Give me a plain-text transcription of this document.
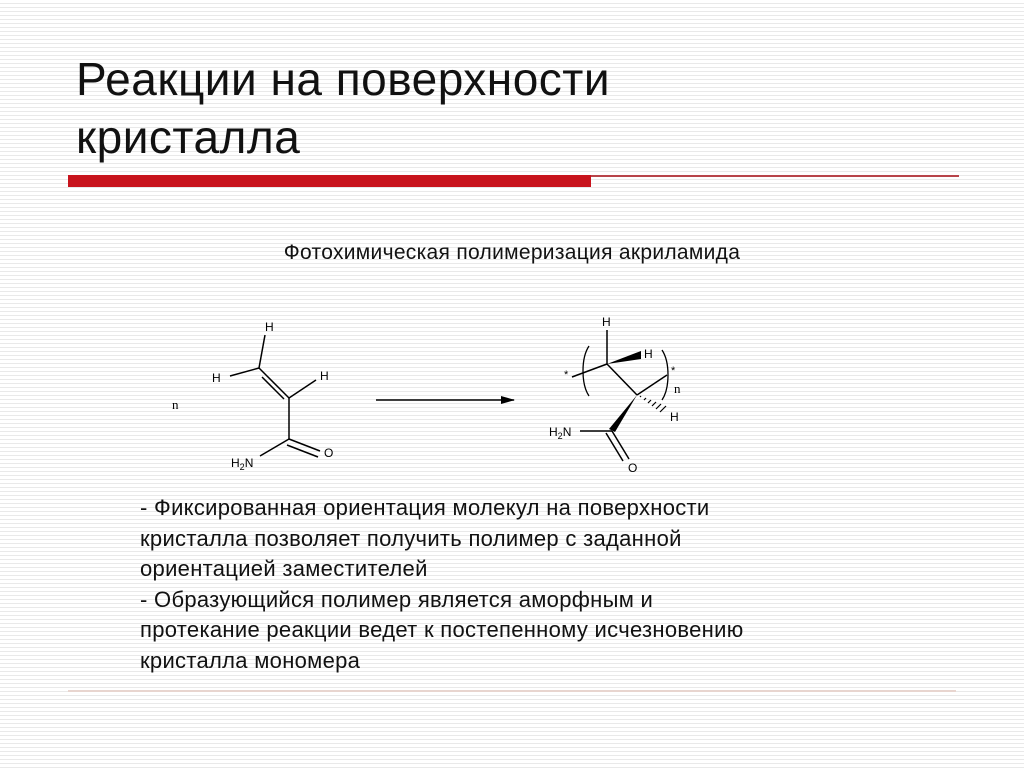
Реакции на поверхности
кристалла
Фотохимическая полимеризация акриламида
n
H
H	H
$H_2N$
O
*	*
n
H
H
H
$H_2N$
O
- Фиксированная ориентация молекул на поверхности
кристалла позволяет получить полимер с заданной
ориентацией заместителей
- Образующийся полимер является аморфным и
протекание реакции ведет к постепенному исчезновению
кристалла мономера
